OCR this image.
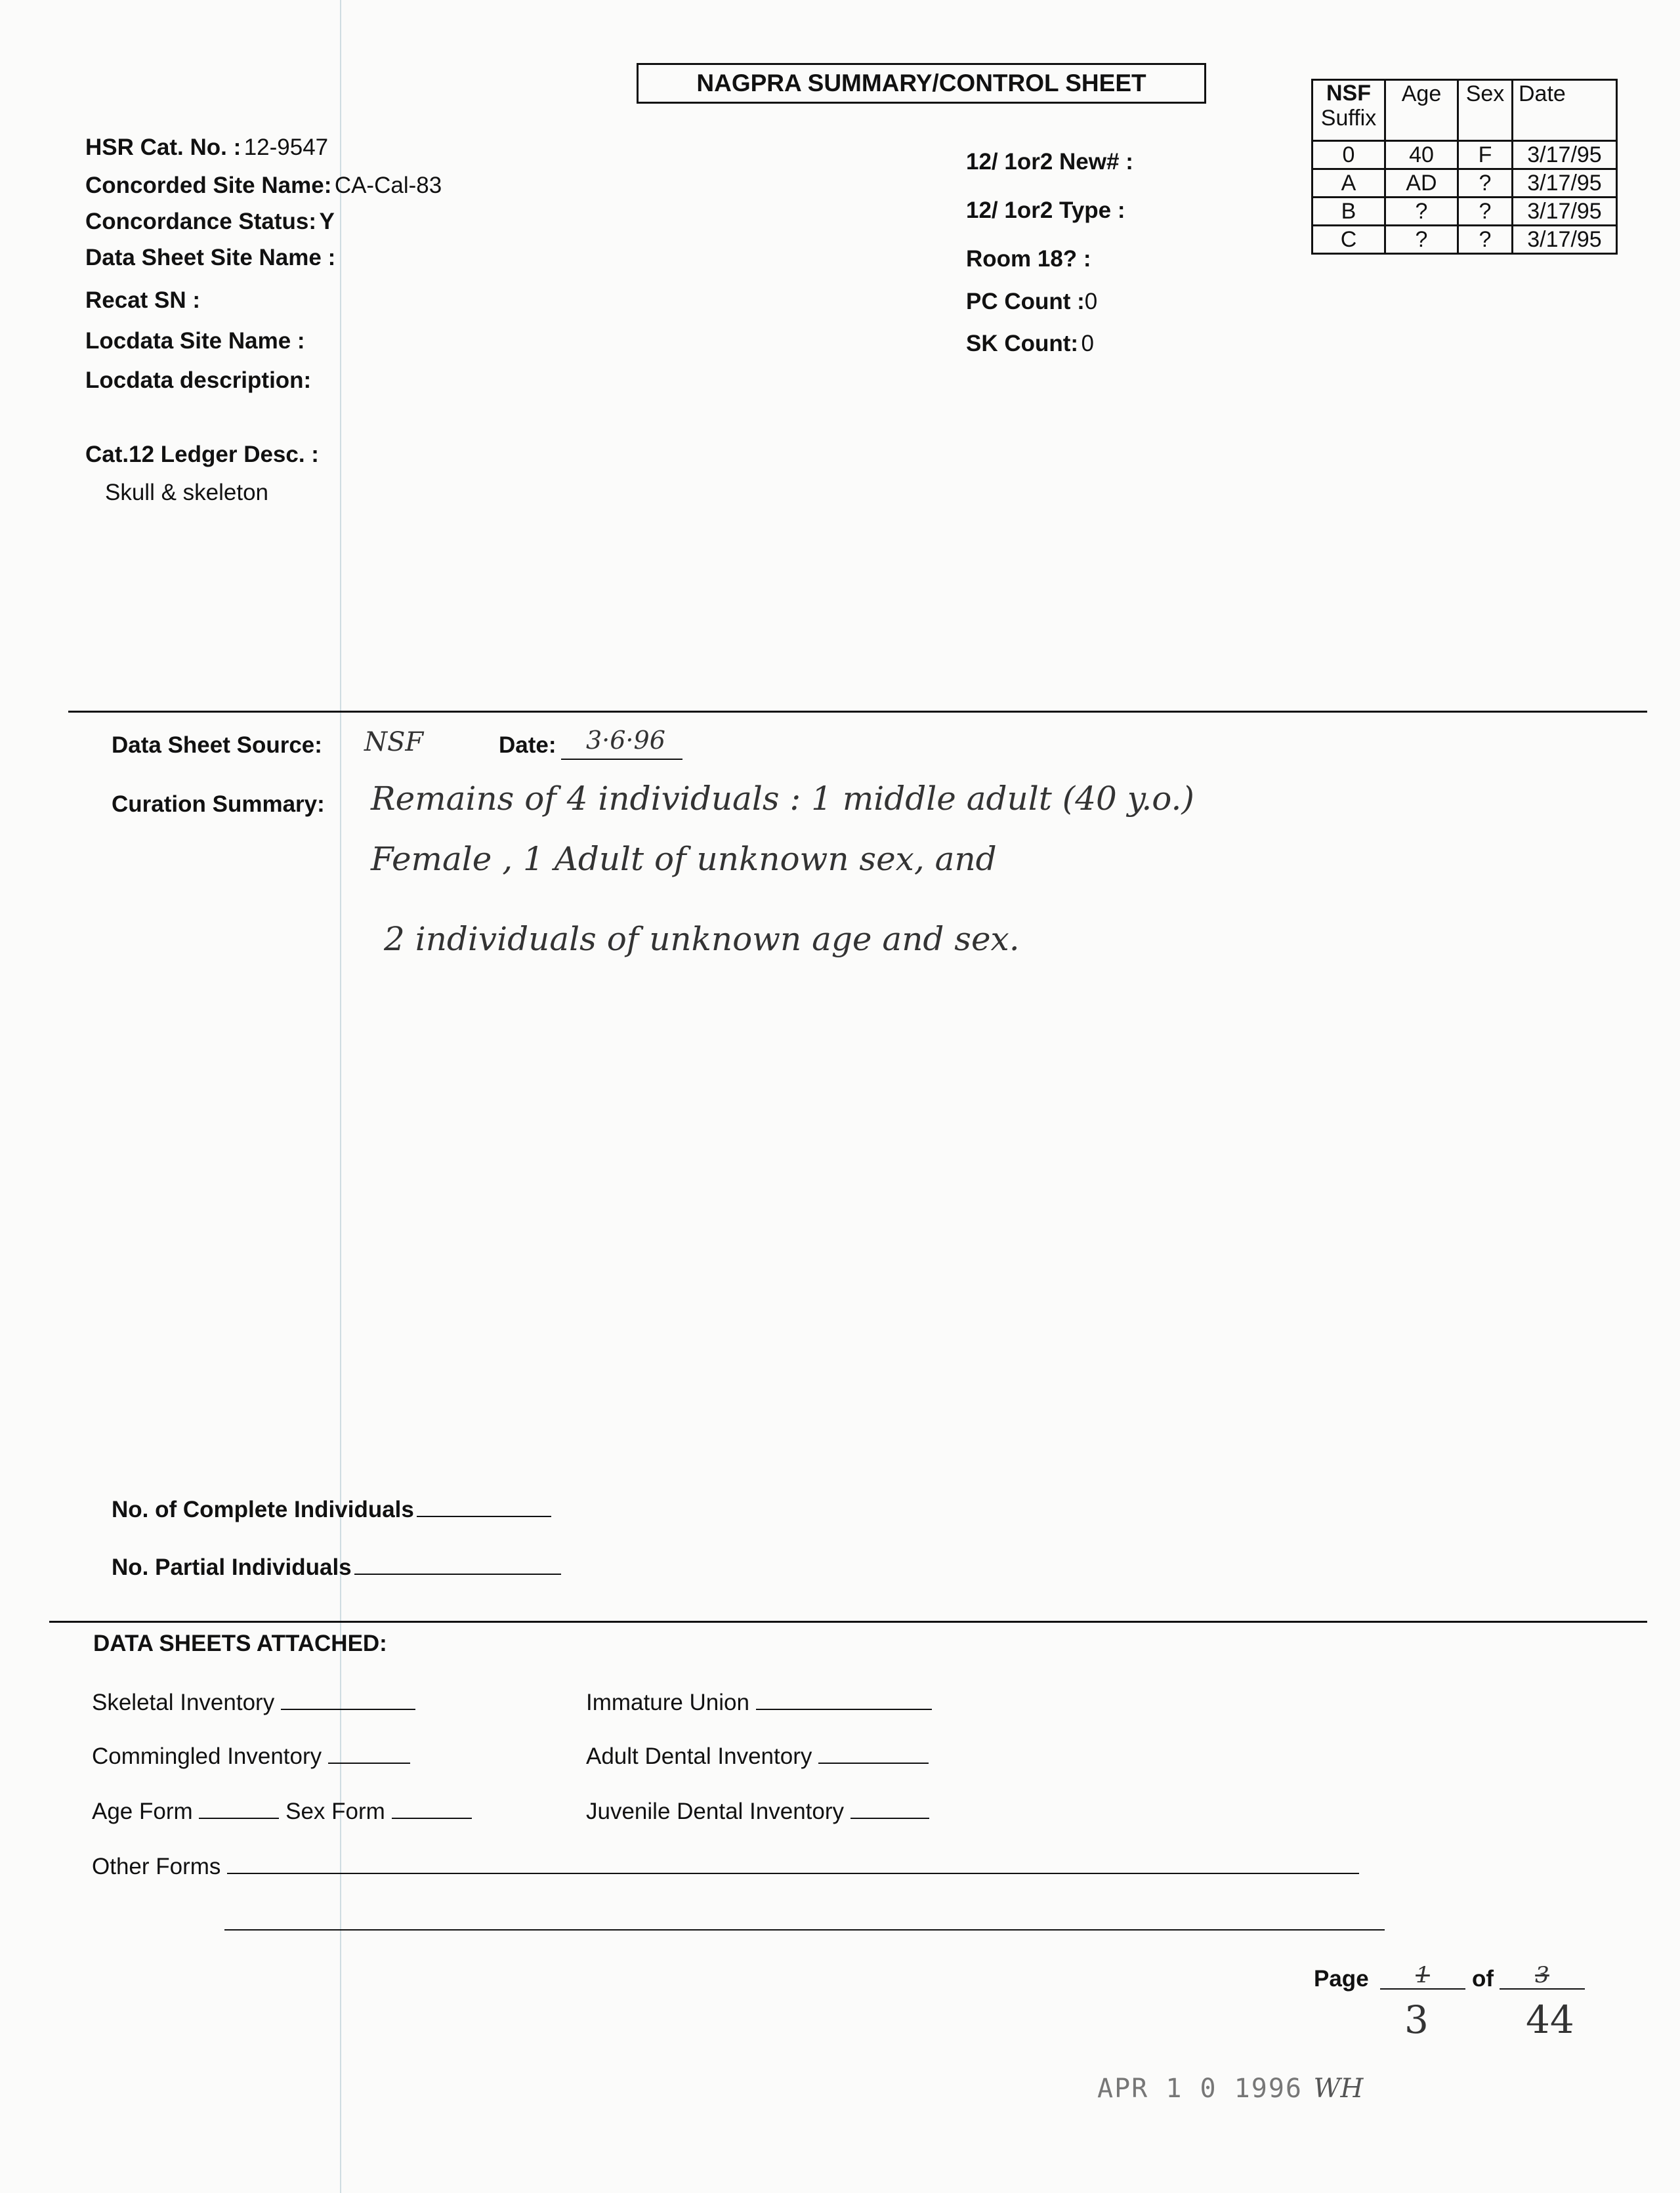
NAGPRA SUMMARY/CONTROL SHEET
HSR Cat. No. : 12-9547
Concorded Site Name: CA-Cal-83
Concordance Status: Y
Data Sheet Site Name :
Recat SN :
Locdata Site Name :
Locdata description:
Cat.12 Ledger Desc. :
Skull & skeleton
12/ 1or2 New# :
12/ 1or2 Type :
Room 18? :
PC Count :0
SK Count: 0
NSF
Suffix	Age	Sex	Date
0	40	F	3/17/95
A	AD	?	3/17/95
B	?	?	3/17/95
C	?	?	3/17/95
Data Sheet Source: NSF	Date:	3·6·96
Curation Summary: Remains of 4 individuals : 1 middle adult (40 y.o.)
Female , 1 Adult of unknown sex, and
2 individuals of unknown age and sex.
No. of Complete Individuals
No. Partial Individuals
DATA SHEETS ATTACHED:
Skeletal Inventory
Commingled Inventory
Age Form	Sex Form
Immature Union
Adult Dental Inventory
Juvenile Dental Inventory
Other Forms
Page	1	of	3
3	44
APR 1 0 1996 WH
